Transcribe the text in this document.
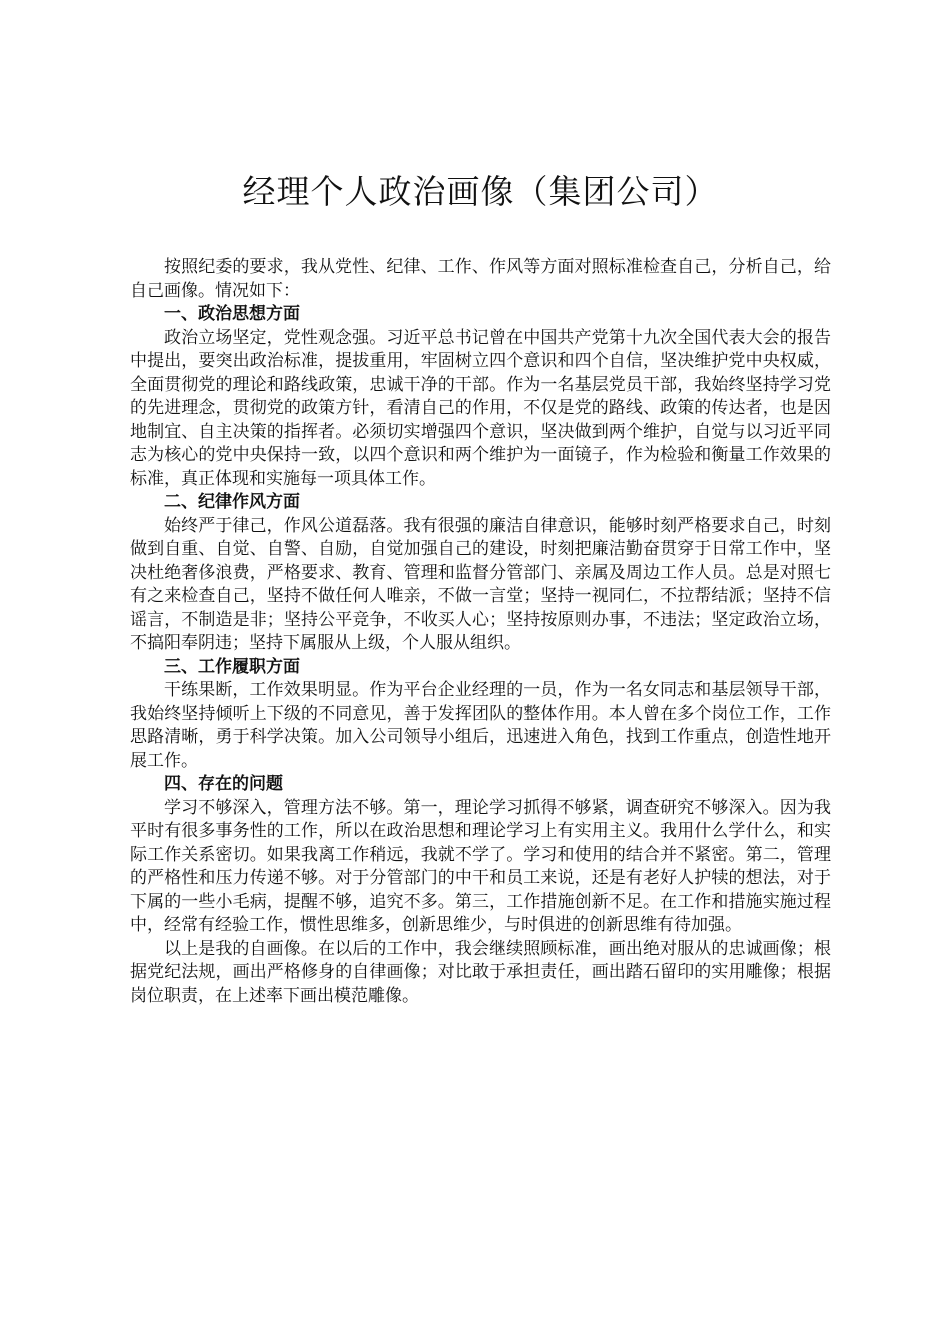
经理个人政治画像（集团公司）

按照纪委的要求，我从党性、纪律、工作、作风等方面对照标准检查自己，分析自己，给自己画像。情况如下：

一、政治思想方面

政治立场坚定，党性观念强。习近平总书记曾在中国共产党第十九次全国代表大会的报告中提出，要突出政治标准，提拔重用，牢固树立四个意识和四个自信，坚决维护党中央权威，全面贯彻党的理论和路线政策，忠诚干净的干部。作为一名基层党员干部，我始终坚持学习党的先进理念，贯彻党的政策方针，看清自己的作用，不仅是党的路线、政策的传达者，也是因地制宜、自主决策的指挥者。必须切实增强四个意识，坚决做到两个维护，自觉与以习近平同志为核心的党中央保持一致，以四个意识和两个维护为一面镜子，作为检验和衡量工作效果的标准，真正体现和实施每一项具体工作。

二、纪律作风方面

始终严于律己，作风公道磊落。我有很强的廉洁自律意识，能够时刻严格要求自己，时刻做到自重、自觉、自警、自励，自觉加强自己的建设，时刻把廉洁勤奋贯穿于日常工作中，坚决杜绝奢侈浪费，严格要求、教育、管理和监督分管部门、亲属及周边工作人员。总是对照七有之来检查自己，坚持不做任何人唯亲，不做一言堂；坚持一视同仁，不拉帮结派；坚持不信谣言，不制造是非；坚持公平竞争，不收买人心；坚持按原则办事，不违法；坚定政治立场，不搞阳奉阴违；坚持下属服从上级，个人服从组织。

三、工作履职方面

干练果断，工作效果明显。作为平台企业经理的一员，作为一名女同志和基层领导干部，我始终坚持倾听上下级的不同意见，善于发挥团队的整体作用。本人曾在多个岗位工作，工作思路清晰，勇于科学决策。加入公司领导小组后，迅速进入角色，找到工作重点，创造性地开展工作。

四、存在的问题

学习不够深入，管理方法不够。第一，理论学习抓得不够紧，调查研究不够深入。因为我平时有很多事务性的工作，所以在政治思想和理论学习上有实用主义。我用什么学什么，和实际工作关系密切。如果我离工作稍远，我就不学了。学习和使用的结合并不紧密。第二，管理的严格性和压力传递不够。对于分管部门的中干和员工来说，还是有老好人护犊的想法，对于下属的一些小毛病，提醒不够，追究不多。第三，工作措施创新不足。在工作和措施实施过程中，经常有经验工作，惯性思维多，创新思维少，与时俱进的创新思维有待加强。

以上是我的自画像。在以后的工作中，我会继续照顾标准，画出绝对服从的忠诚画像；根据党纪法规，画出严格修身的自律画像；对比敢于承担责任，画出踏石留印的实用雕像；根据岗位职责，在上述率下画出模范雕像。
